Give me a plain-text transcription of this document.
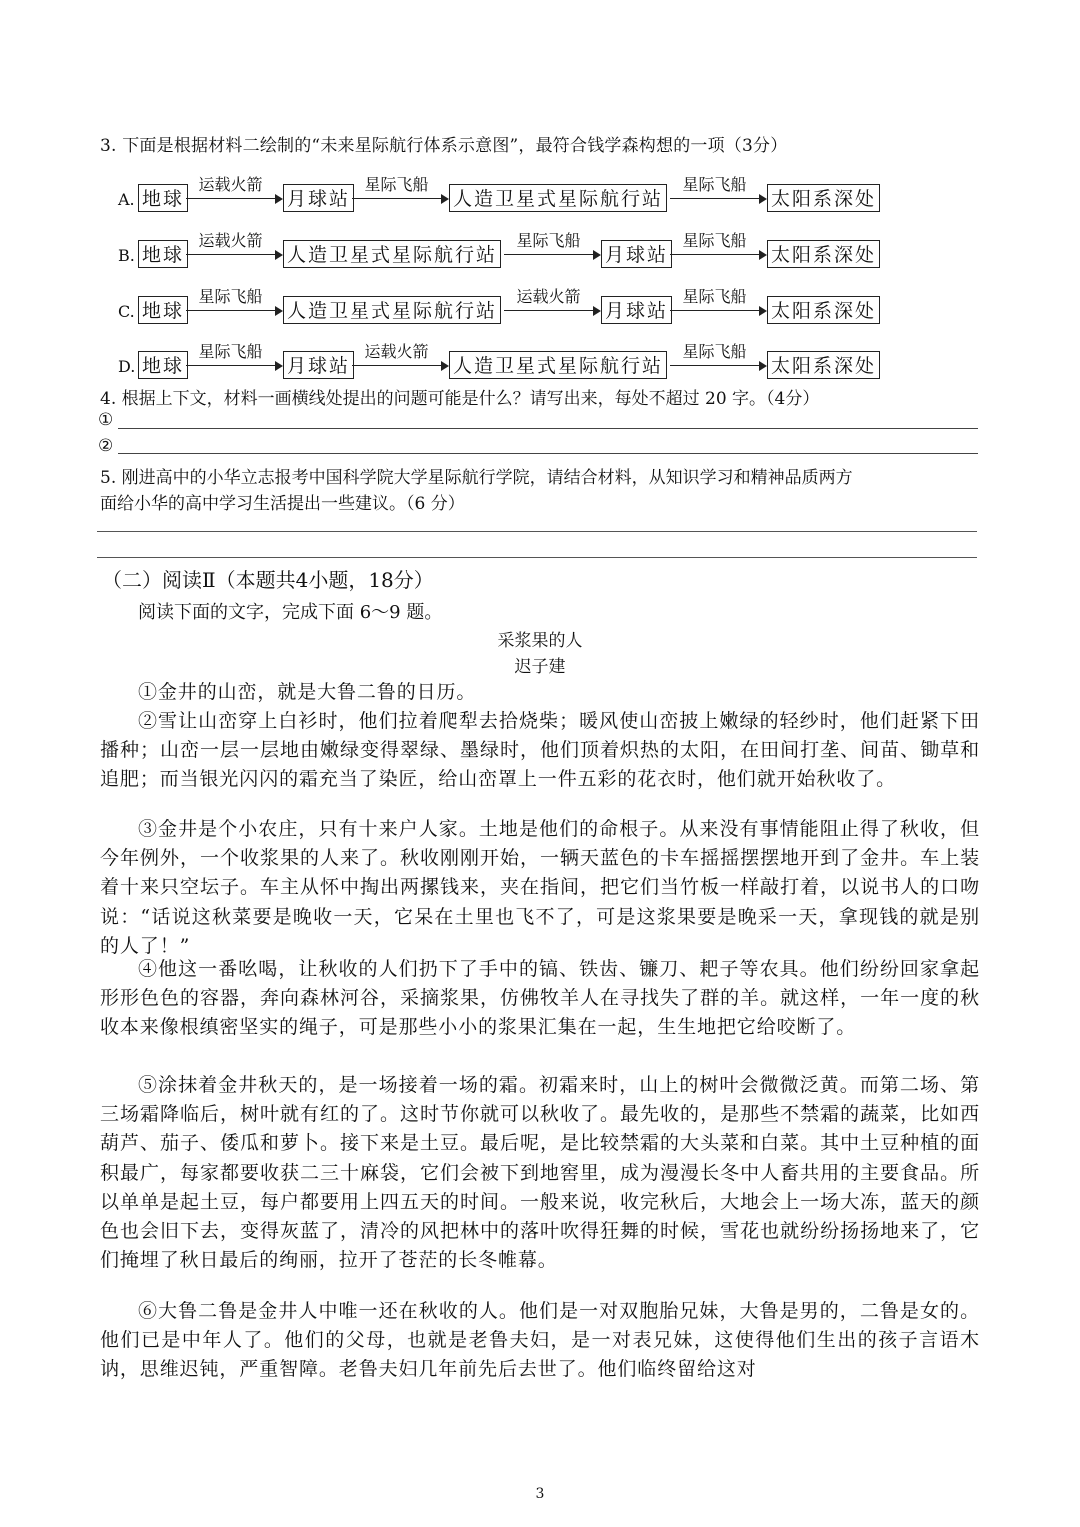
3. 下面是根据材料二绘制的“未来星际航行体系示意图”，最符合钱学森构想的一项（3分）
A. 地球
运载火箭
月球站
星际飞船
人造卫星式星际航行站
星际飞船
太阳系深处
B. 地球
运载火箭
人造卫星式星际航行站
星际飞船
月球站
星际飞船
太阳系深处
C. 地球
星际飞船
人造卫星式星际航行站
运载火箭
月球站
星际飞船
太阳系深处
D. 地球
星际飞船
月球站
运载火箭
人造卫星式星际航行站
星际飞船
太阳系深处
4. 根据上下文，材料一画横线处提出的问题可能是什么？请写出来，每处不超过 20 字。（4分）
①
②
5. 刚进高中的小华立志报考中国科学院大学星际航行学院，请结合材料，从知识学习和精神品质两方
面给小华的高中学习生活提出一些建议。（6 分）
（二）阅读Ⅱ（本题共4小题，18分）
阅读下面的文字，完成下面 6～9 题。
采浆果的人
迟子建
①金井的山峦，就是大鲁二鲁的日历。
②雪让山峦穿上白衫时，他们拉着爬犁去拾烧柴；暖风使山峦披上嫩绿的轻纱时，他们赶紧下田播种；山峦一层一层地由嫩绿变得翠绿、墨绿时，他们顶着炽热的太阳，在田间打垄、间苗、锄草和追肥；而当银光闪闪的霜充当了染匠，给山峦罩上一件五彩的花衣时，他们就开始秋收了。
③金井是个小农庄，只有十来户人家。土地是他们的命根子。从来没有事情能阻止得了秋收，但今年例外，一个收浆果的人来了。秋收刚刚开始，一辆天蓝色的卡车摇摇摆摆地开到了金井。车上装着十来只空坛子。车主从怀中掏出两摞钱来，夹在指间，把它们当竹板一样敲打着，以说书人的口吻说：“话说这秋菜要是晚收一天，它呆在土里也飞不了，可是这浆果要是晚采一天，拿现钱的就是别的人了！”
④他这一番吆喝，让秋收的人们扔下了手中的镐、铁齿、镰刀、耙子等农具。他们纷纷回家拿起形形色色的容器，奔向森林河谷，采摘浆果，仿佛牧羊人在寻找失了群的羊。就这样，一年一度的秋收本来像根缜密坚实的绳子，可是那些小小的浆果汇集在一起，生生地把它给咬断了。
⑤涂抹着金井秋天的，是一场接着一场的霜。初霜来时，山上的树叶会微微泛黄。而第二场、第三场霜降临后，树叶就有红的了。这时节你就可以秋收了。最先收的，是那些不禁霜的蔬菜，比如西葫芦、茄子、倭瓜和萝卜。接下来是土豆。最后呢，是比较禁霜的大头菜和白菜。其中土豆种植的面积最广，每家都要收获二三十麻袋，它们会被下到地窖里，成为漫漫长冬中人畜共用的主要食品。所以单单是起土豆，每户都要用上四五天的时间。一般来说，收完秋后，大地会上一场大冻，蓝天的颜色也会旧下去，变得灰蓝了，清冷的风把林中的落叶吹得狂舞的时候，雪花也就纷纷扬扬地来了，它们掩埋了秋日最后的绚丽，拉开了苍茫的长冬帷幕。
⑥大鲁二鲁是金井人中唯一还在秋收的人。他们是一对双胞胎兄妹，大鲁是男的，二鲁是女的。他们已是中年人了。他们的父母，也就是老鲁夫妇，是一对表兄妹，这使得他们生出的孩子言语木讷，思维迟钝，严重智障。老鲁夫妇几年前先后去世了。他们临终留给这对
3
